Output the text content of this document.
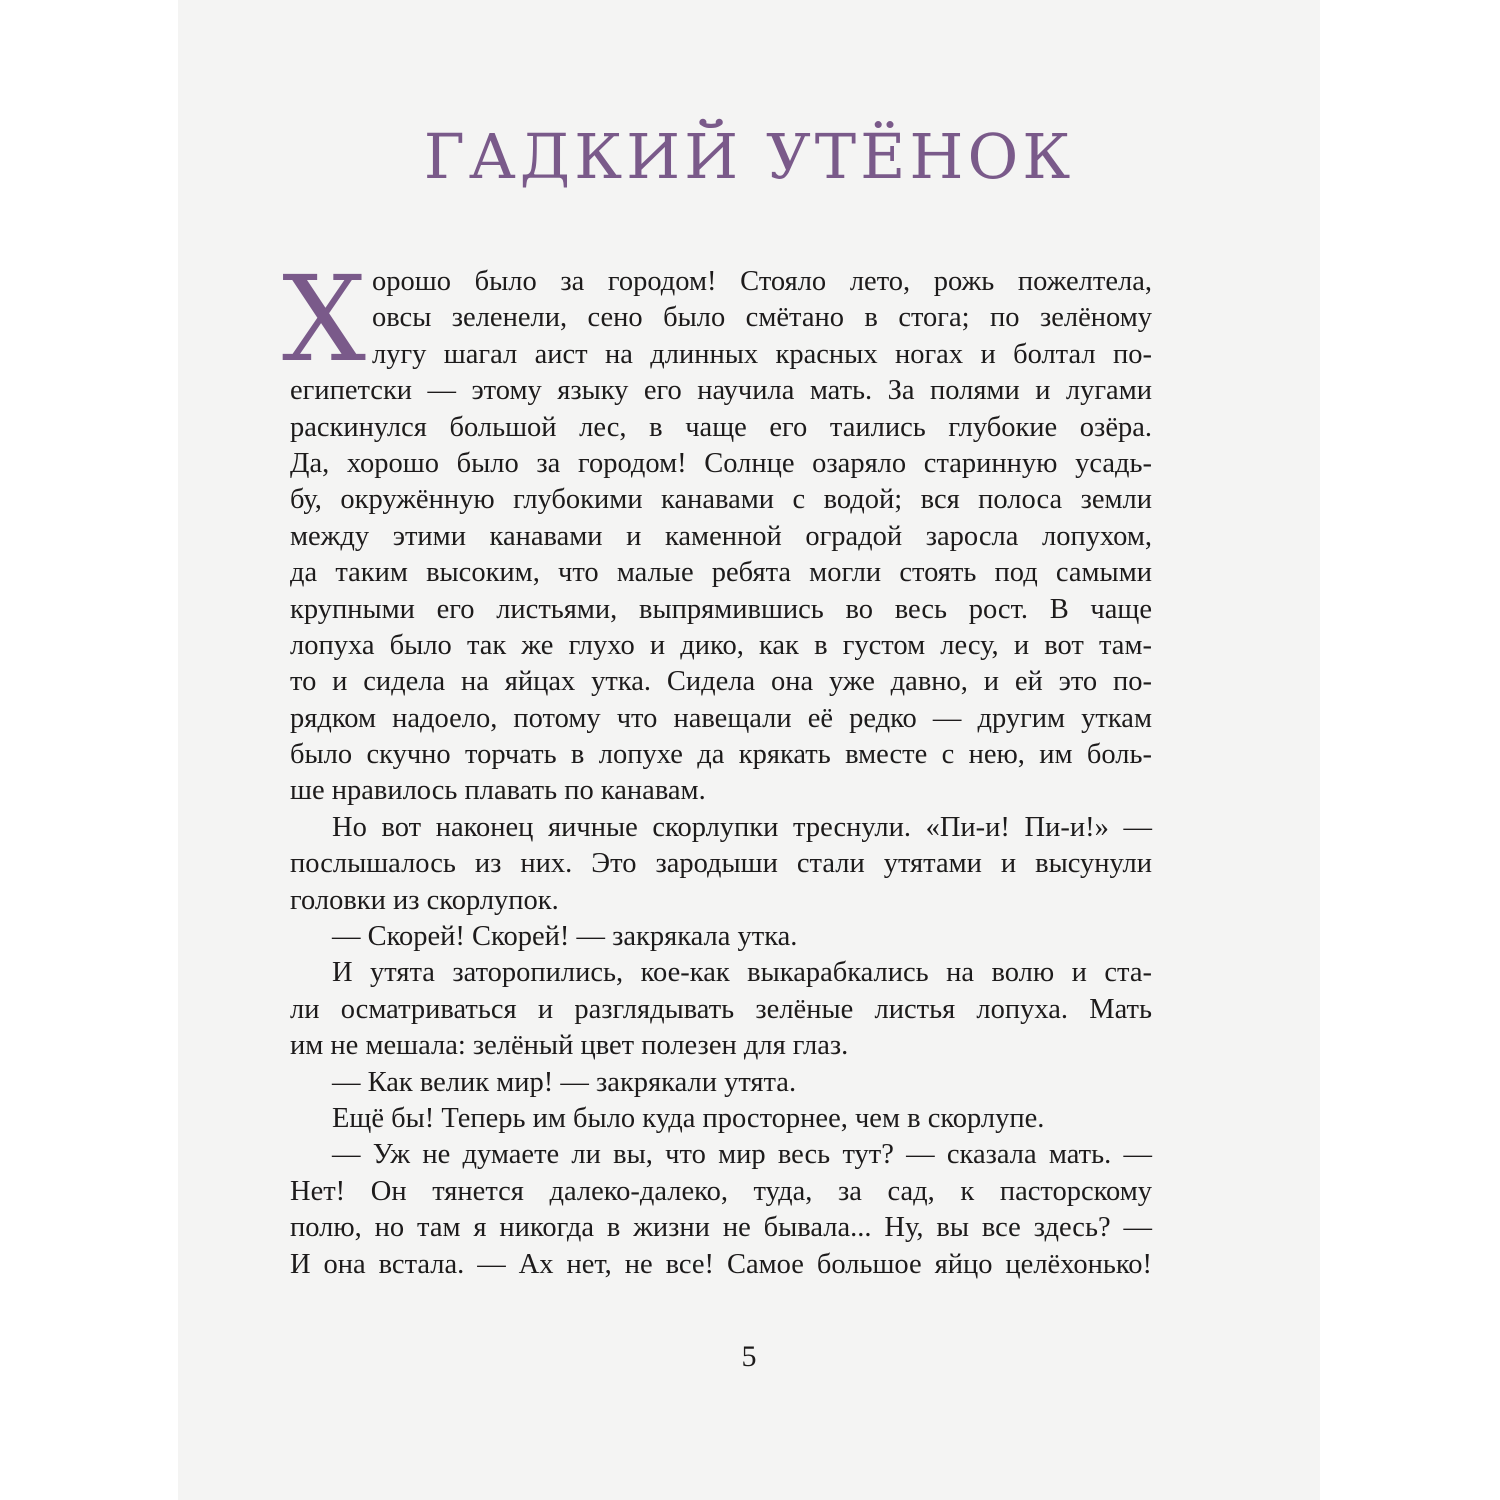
ГАДКИЙ УТЁНОК
Х орошо было за городом! Стояло лето, рожь пожелтела,
овсы зеленели, сено было смётано в стога; по зелёному
лугу шагал аист на длинных красных ногах и болтал по-
египетски — этому языку его научила мать. За полями и лугами
раскинулся большой лес, в чаще его таились глубокие озёра.
Да, хорошо было за городом! Солнце озаряло старинную усадь-
бу, окружённую глубокими канавами с водой; вся полоса земли
между этими канавами и каменной оградой заросла лопухом,
да таким высоким, что малые ребята могли стоять под самыми
крупными его листьями, выпрямившись во весь рост. В чаще
лопуха было так же глухо и дико, как в густом лесу, и вот там-
то и сидела на яйцах утка. Сидела она уже давно, и ей это по-
рядком надоело, потому что навещали её редко — другим уткам
было скучно торчать в лопухе да крякать вместе с нею, им боль-
ше нравилось плавать по канавам.
Но вот наконец яичные скорлупки треснули. «Пи-и! Пи-и!» —
послышалось из них. Это зародыши стали утятами и высунули
головки из скорлупок.
— Скорей! Скорей! — закрякала утка.
И утята заторопились, кое-как выкарабкались на волю и ста-
ли осматриваться и разглядывать зелёные листья лопуха. Мать
им не мешала: зелёный цвет полезен для глаз.
— Как велик мир! — закрякали утята.
Ещё бы! Теперь им было куда просторнее, чем в скорлупе.
— Уж не думаете ли вы, что мир весь тут? — сказала мать. —
Нет! Он тянется далеко-далеко, туда, за сад, к пасторскому
полю, но там я никогда в жизни не бывала... Ну, вы все здесь? —
И она встала. — Ах нет, не все! Самое большое яйцо целёхонько!
5
